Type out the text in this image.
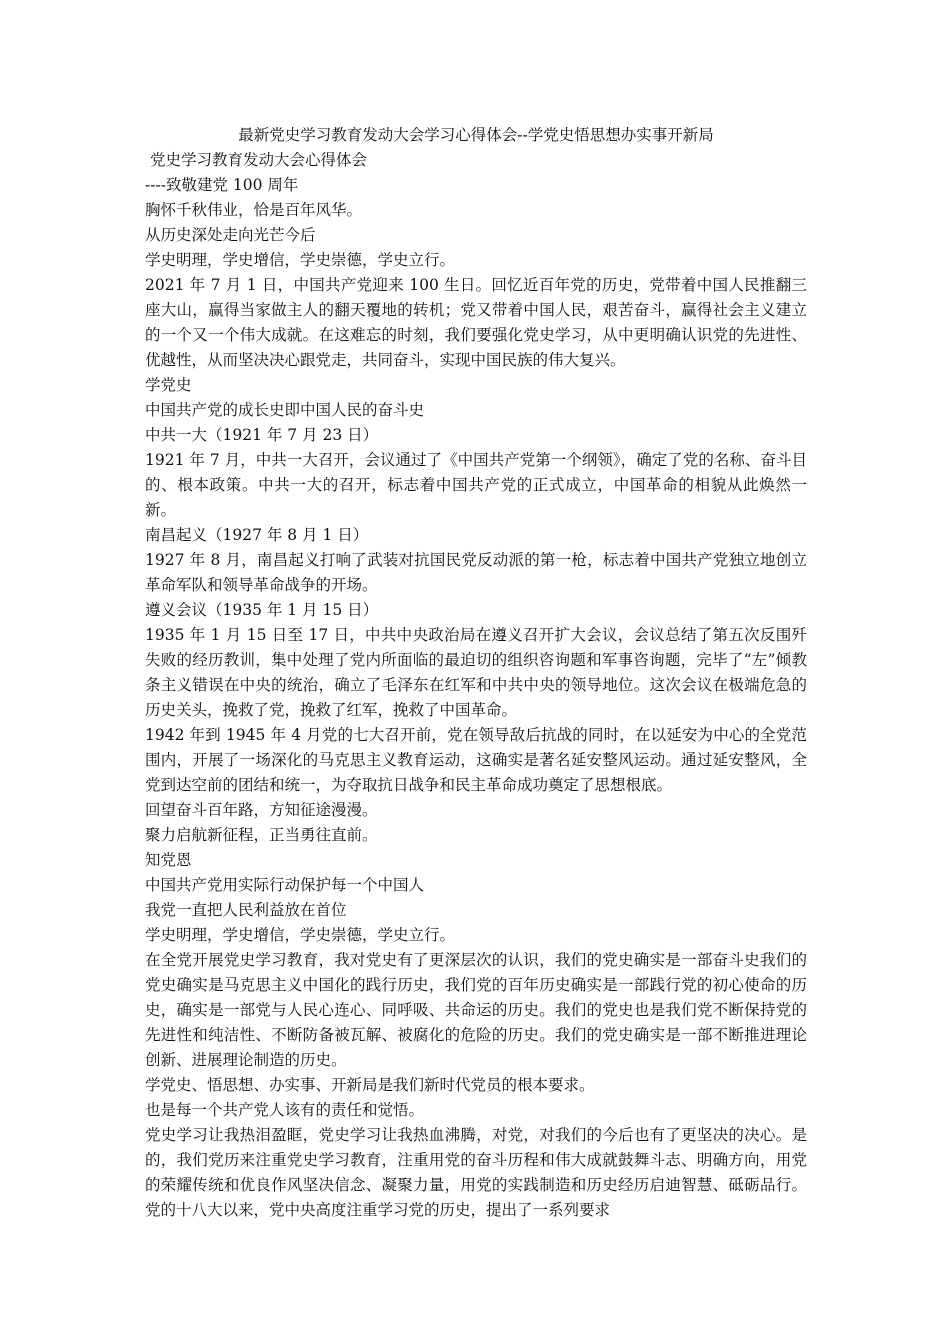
最新党史学习教育发动大会学习心得体会--学党史悟思想办实事开新局

党史学习教育发动大会心得体会

----致敬建党 100 周年

胸怀千秋伟业，恰是百年风华。

从历史深处走向光芒今后

学史明理，学史增信，学史崇德，学史立行。

2021 年 7 月 1 日，中国共产党迎来 100 生日。回忆近百年党的历史，党带着中国人民推翻三座大山，赢得当家做主人的翻天覆地的转机；党又带着中国人民，艰苦奋斗，赢得社会主义建立的一个又一个伟大成就。在这难忘的时刻，我们要强化党史学习，从中更明确认识党的先进性、优越性，从而坚决决心跟党走，共同奋斗，实现中国民族的伟大复兴。

学党史

中国共产党的成长史即中国人民的奋斗史

中共一大（1921 年 7 月 23 日）

1921 年 7 月，中共一大召开，会议通过了《中国共产党第一个纲领》，确定了党的名称、奋斗目的、根本政策。中共一大的召开，标志着中国共产党的正式成立，中国革命的相貌从此焕然一新。

南昌起义（1927 年 8 月 1 日）

1927 年 8 月，南昌起义打响了武装对抗国民党反动派的第一枪，标志着中国共产党独立地创立革命军队和领导革命战争的开场。

遵义会议（1935 年 1 月 15 日）

1935 年 1 月 15 日至 17 日，中共中央政治局在遵义召开扩大会议，会议总结了第五次反围歼失败的经历教训，集中处理了党内所面临的最迫切的组织咨询题和军事咨询题，完毕了“左”倾教条主义错误在中央的统治，确立了毛泽东在红军和中共中央的领导地位。这次会议在极端危急的历史关头，挽救了党，挽救了红军，挽救了中国革命。

1942 年到 1945 年 4 月党的七大召开前，党在领导敌后抗战的同时，在以延安为中心的全党范围内，开展了一场深化的马克思主义教育运动，这确实是著名延安整风运动。通过延安整风，全党到达空前的团结和统一，为夺取抗日战争和民主革命成功奠定了思想根底。

回望奋斗百年路，方知征途漫漫。

聚力启航新征程，正当勇往直前。

知党恩

中国共产党用实际行动保护每一个中国人

我党一直把人民利益放在首位

学史明理，学史增信，学史崇德，学史立行。

在全党开展党史学习教育，我对党史有了更深层次的认识，我们的党史确实是一部奋斗史我们的党史确实是马克思主义中国化的践行历史，我们党的百年历史确实是一部践行党的初心使命的历史，确实是一部党与人民心连心、同呼吸、共命运的历史。我们的党史也是我们党不断保持党的先进性和纯洁性、不断防备被瓦解、被腐化的危险的历史。我们的党史确实是一部不断推进理论创新、进展理论制造的历史。

学党史、悟思想、办实事、开新局是我们新时代党员的根本要求。

也是每一个共产党人该有的责任和觉悟。

党史学习让我热泪盈眶，党史学习让我热血沸腾，对党，对我们的今后也有了更坚决的决心。是的，我们党历来注重党史学习教育，注重用党的奋斗历程和伟大成就鼓舞斗志、明确方向，用党的荣耀传统和优良作风坚决信念、凝聚力量，用党的实践制造和历史经历启迪智慧、砥砺品行。党的十八大以来，党中央高度注重学习党的历史，提出了一系列要求
